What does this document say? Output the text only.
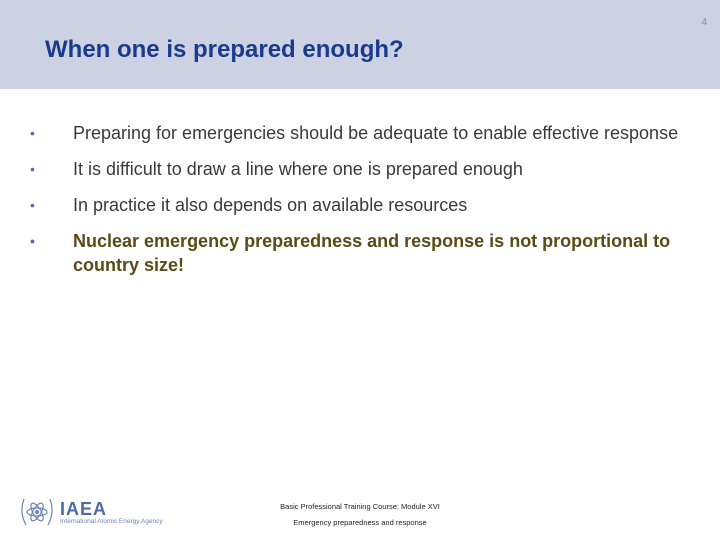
4
When one is prepared enough?
• Preparing for emergencies should be adequate to enable effective response
• It is difficult to draw a line where one is prepared enough
• In practice it also depends on available resources
• Nuclear emergency preparedness and response is not proportional to country size!
IAEA
International Atomic Energy Agency
Basic Professional Training Course: Module XVI
Emergency preparedness and response
